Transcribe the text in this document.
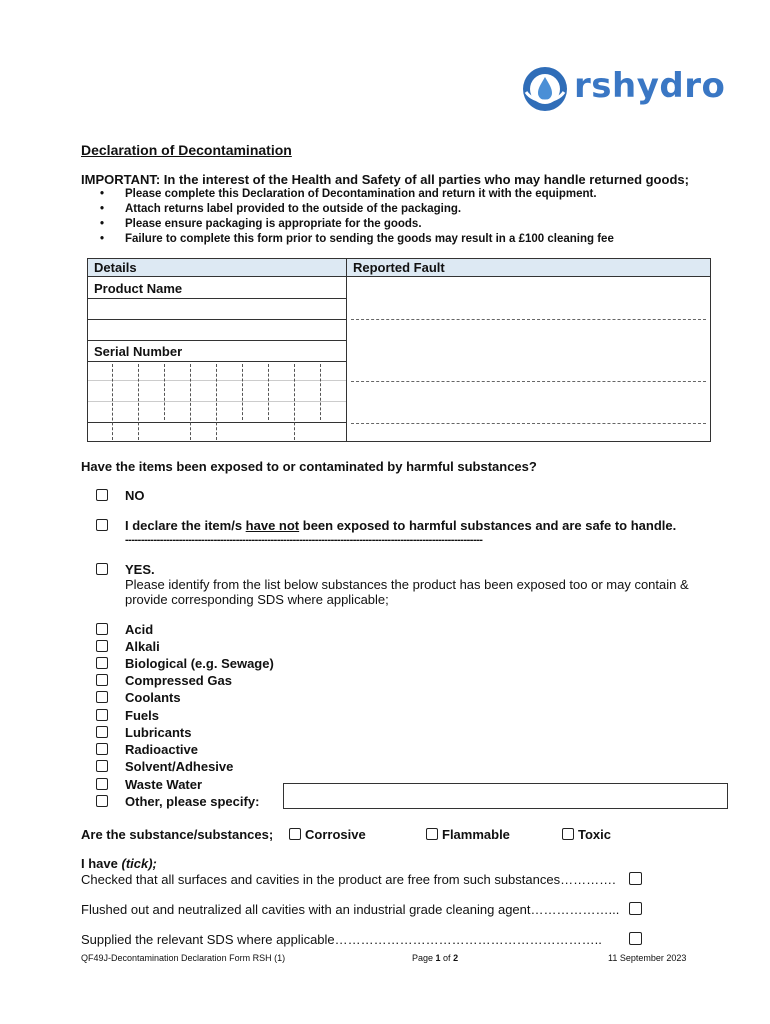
rshydro
Declaration of Decontamination
IMPORTANT: In the interest of the Health and Safety of all parties who may handle returned goods;
• Please complete this Declaration of Decontamination and return it with the equipment.
• Attach returns label provided to the outside of the packaging.
• Please ensure packaging is appropriate for the goods.
• Failure to complete this form prior to sending the goods may result in a £100 cleaning fee
Details	Reported Fault
Product Name
Serial Number
Have the items been exposed to or contaminated by harmful substances?
NO
I declare the item/s have not been exposed to harmful substances and are safe to handle.
-----------------------------------------------------------------------------------------------------------------
YES.
Please identify from the list below substances the product has been exposed too or may contain & provide corresponding SDS where applicable;
Acid
Alkali
Biological (e.g. Sewage)
Compressed Gas
Coolants
Fuels
Lubricants
Radioactive
Solvent/Adhesive
Waste Water
Other, please specify:
Are the substance/substances; Corrosive	Flammable	Toxic
I have (tick);
Checked that all surfaces and cavities in the product are free from such substances………….
Flushed out and neutralized all cavities with an industrial grade cleaning agent………………...
Supplied the relevant SDS where applicable……………………………………………………..
QF49J-Decontamination Declaration Form RSH (1)	Page 1 of 2	11 September 2023
